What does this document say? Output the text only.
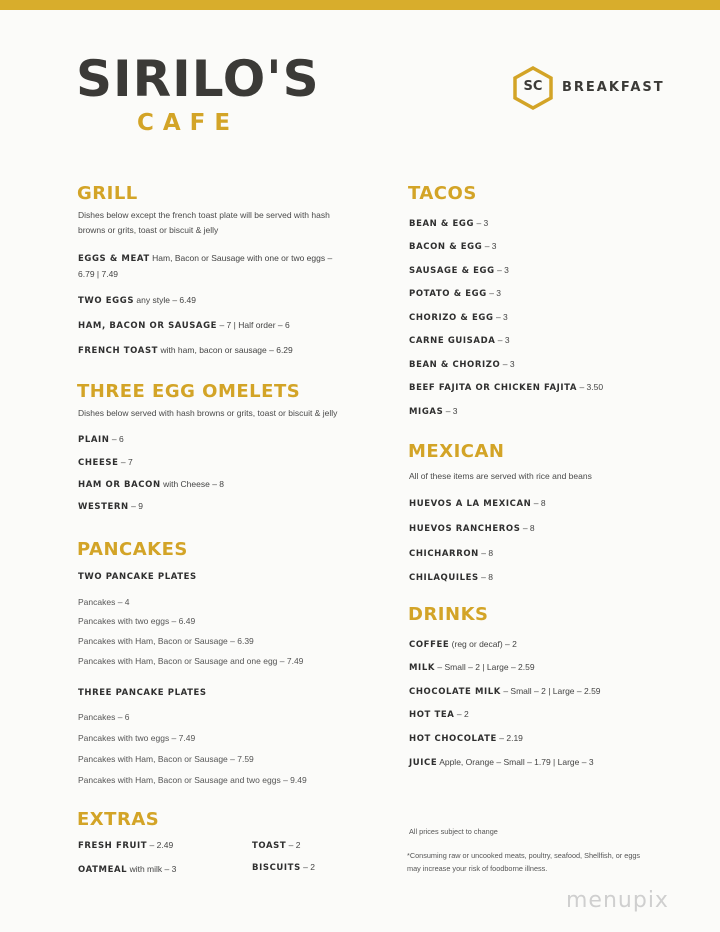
SIRILO'S
CAFE
SC	BREAKFAST
GRILL
Dishes below except the french toast plate will be served with hash browns or grits, toast or biscuit & jelly
EGGS & MEAT Ham, Bacon or Sausage with one or two eggs – 6.79 | 7.49
TWO EGGS any style – 6.49
HAM, BACON OR SAUSAGE – 7 | Half order – 6
FRENCH TOAST with ham, bacon or sausage – 6.29
THREE EGG OMELETS
Dishes below served with hash browns or grits, toast or biscuit & jelly
PLAIN – 6
CHEESE – 7
HAM OR BACON with Cheese – 8
WESTERN – 9
PANCAKES
TWO PANCAKE PLATES
Pancakes – 4
Pancakes with two eggs – 6.49
Pancakes with Ham, Bacon or Sausage – 6.39
Pancakes with Ham, Bacon or Sausage and one egg – 7.49
THREE PANCAKE PLATES
Pancakes – 6
Pancakes with two eggs – 7.49
Pancakes with Ham, Bacon or Sausage – 7.59
Pancakes with Ham, Bacon or Sausage and two eggs – 9.49
EXTRAS
FRESH FRUIT – 2.49
OATMEAL with milk – 3
TOAST – 2
BISCUITS – 2
TACOS
BEAN & EGG – 3
BACON & EGG – 3
SAUSAGE & EGG – 3
POTATO & EGG – 3
CHORIZO & EGG – 3
CARNE GUISADA – 3
BEAN & CHORIZO – 3
BEEF FAJITA OR CHICKEN FAJITA – 3.50
MIGAS – 3
MEXICAN
All of these items are served with rice and beans
HUEVOS A LA MEXICAN – 8
HUEVOS RANCHEROS – 8
CHICHARRON – 8
CHILAQUILES – 8
DRINKS
COFFEE (reg or decaf) – 2
MILK – Small – 2 | Large – 2.59
CHOCOLATE MILK – Small – 2 | Large – 2.59
HOT TEA – 2
HOT CHOCOLATE – 2.19
JUICE Apple, Orange – Small – 1.79 | Large – 3
All prices subject to change
*Consuming raw or uncooked meats, poultry, seafood, Shellfish, or eggs may increase your risk of foodborne illness.
menupix
